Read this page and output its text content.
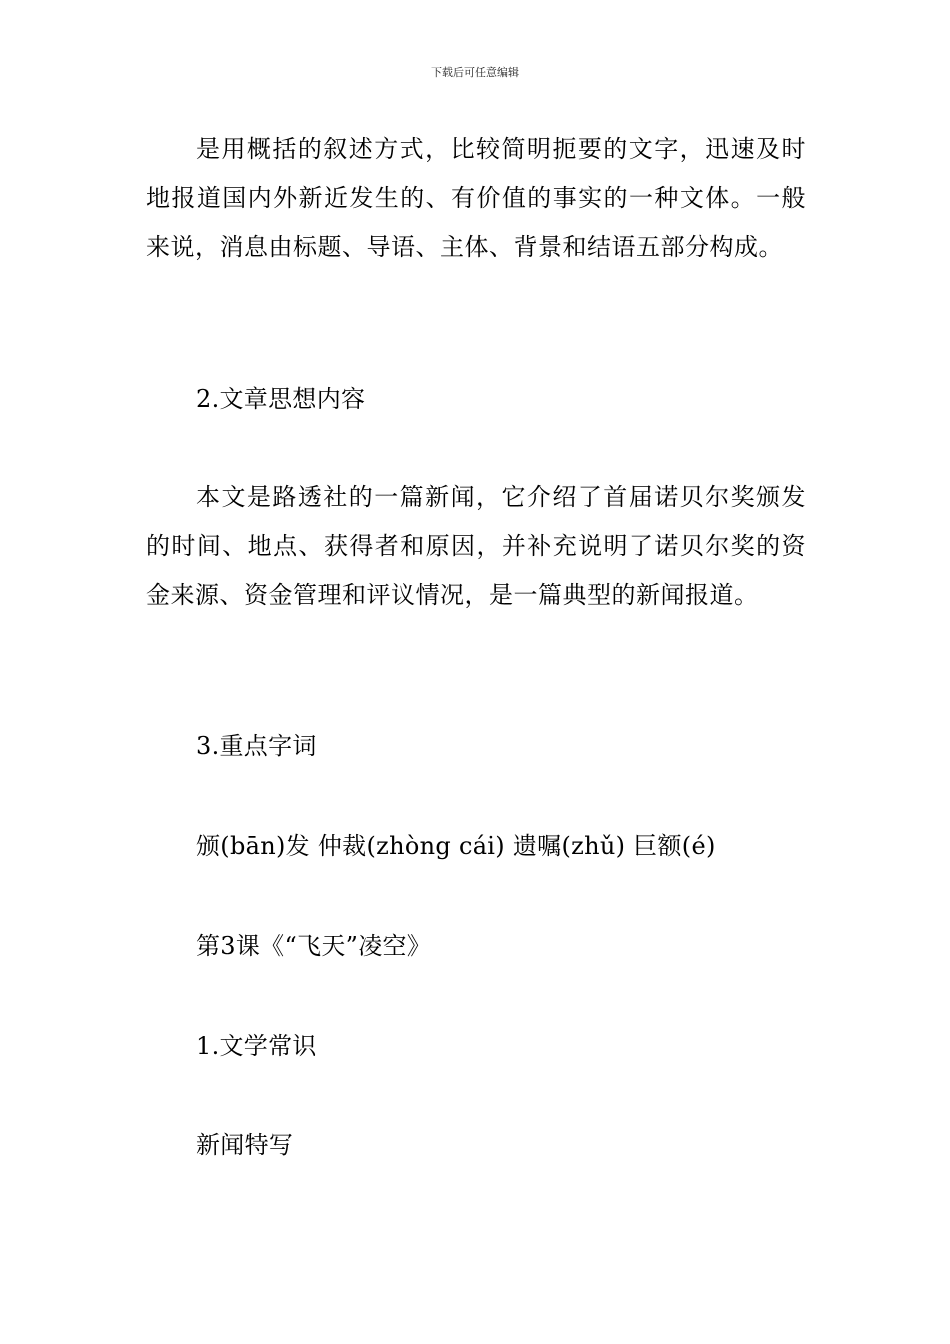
下载后可任意编辑

是用概括的叙述方式，比较简明扼要的文字，迅速及时地报道国内外新近发生的、有价值的事实的一种文体。一般来说，消息由标题、导语、主体、背景和结语五部分构成。

2.文章思想内容

本文是路透社的一篇新闻，它介绍了首届诺贝尔奖颁发的时间、地点、获得者和原因，并补充说明了诺贝尔奖的资金来源、资金管理和评议情况，是一篇典型的新闻报道。

3.重点字词
颁(bān)发 仲裁(zhòng cái) 遗嘱(zhǔ) 巨额(é)
第3课《“飞天”凌空》
1.文学常识
新闻特写
